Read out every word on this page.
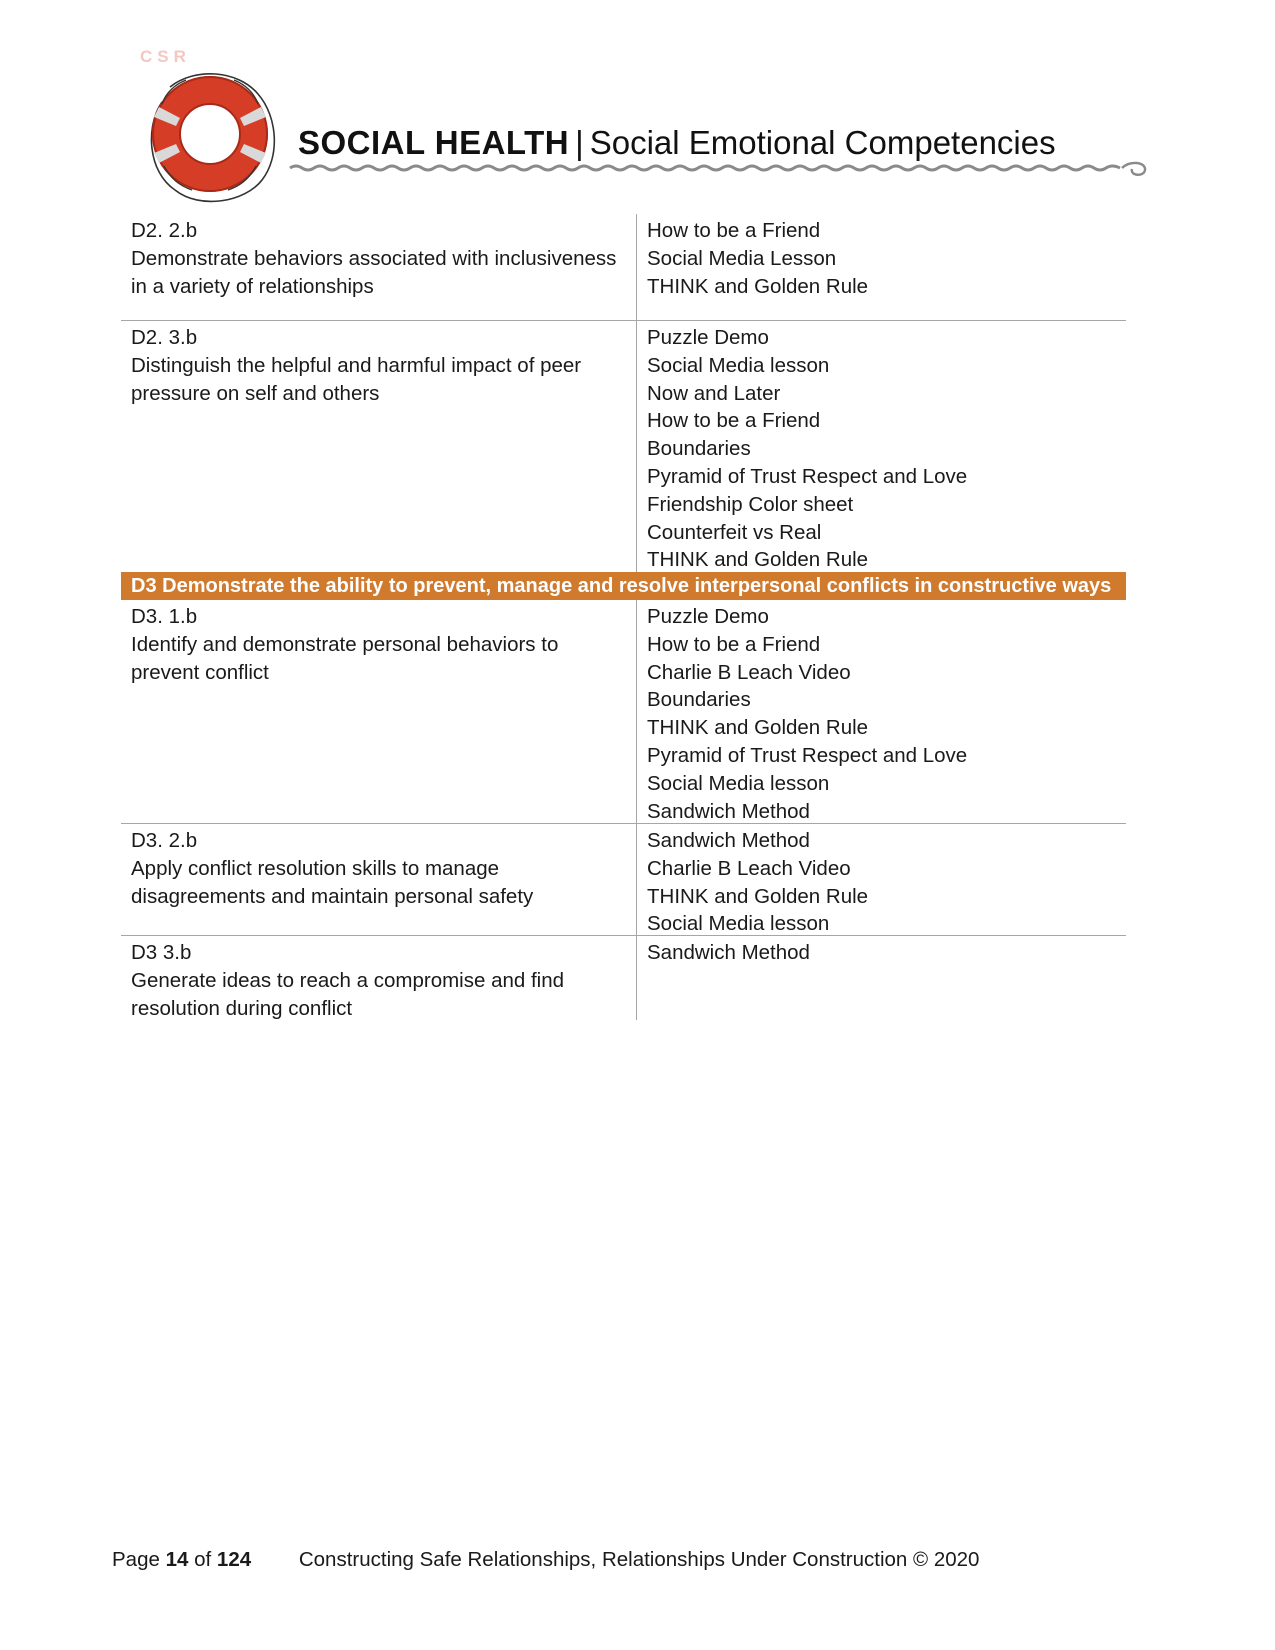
CSR
SOCIAL HEALTH | Social Emotional Competencies
D2. 2.b
Demonstrate behaviors associated with inclusiveness
in a variety of relationships
How to be a Friend
Social Media Lesson
THINK and Golden Rule
D2. 3.b
Distinguish the helpful and harmful impact of peer
pressure on self and others
Puzzle Demo
Social Media lesson
Now and Later
How to be a Friend
Boundaries
Pyramid of Trust Respect and Love
Friendship Color sheet
Counterfeit vs Real
THINK and Golden Rule
D3 Demonstrate the ability to prevent, manage and resolve interpersonal conflicts in constructive ways
D3. 1.b
Identify and demonstrate personal behaviors to
prevent conflict
Puzzle Demo
How to be a Friend
Charlie B Leach Video
Boundaries
THINK and Golden Rule
Pyramid of Trust Respect and Love
Social Media lesson
Sandwich Method
D3. 2.b
Apply conflict resolution skills to manage
disagreements and maintain personal safety
Sandwich Method
Charlie B Leach Video
THINK and Golden Rule
Social Media lesson
D3 3.b
Generate ideas to reach a compromise and find
resolution during conflict
Sandwich Method
Page 14 of 124 Constructing Safe Relationships, Relationships Under Construction © 2020
